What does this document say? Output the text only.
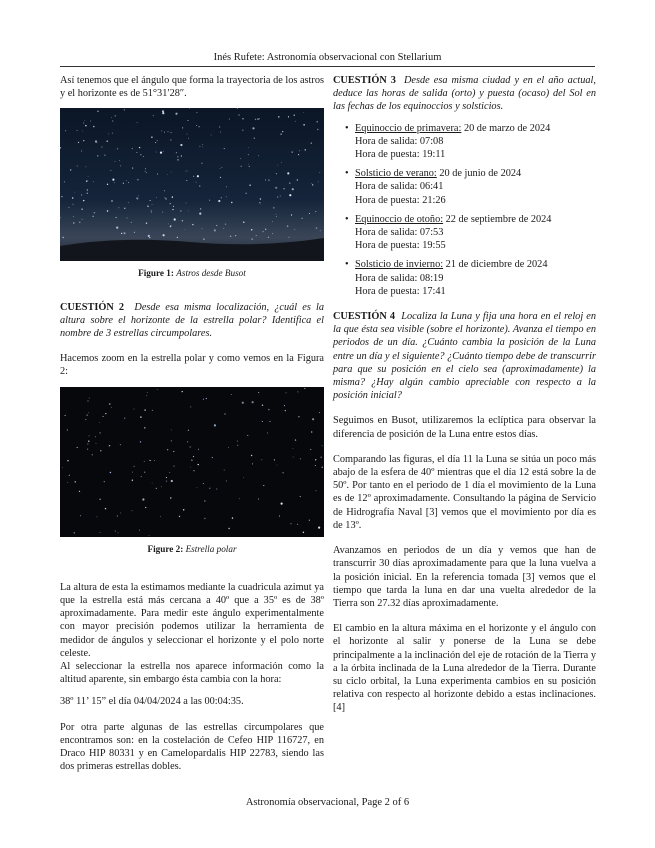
Inés Rufete: Astronomía observacional con Stellarium

Así tenemos que el ángulo que forma la trayectoria de los astros y el horizonte es de 51°31′28″.

Figure 1: Astros desde Busot

CUESTIÓN 2 Desde esa misma localización, ¿cuál es la altura sobre el horizonte de la estrella polar? Identifica el nombre de 3 estrellas circumpolares.

Hacemos zoom en la estrella polar y como vemos en la Figura 2:

Figure 2: Estrella polar

La altura de esta la estimamos mediante la cuadricula azimut ya que la estrella está más cercana a 40º que a 35º es de 38º aproximadamente. Para medir este ángulo experimentalmente con mayor precisión podemos utilizar la herramienta de medidor de ángulos y seleccionar el horizonte y el polo norte celeste.

Al seleccionar la estrella nos aparece información como la altitud aparente, sin embargo ésta cambia con la hora:

38º 11’ 15” el día 04/04/2024 a las 00:04:35.

Por otra parte algunas de las estrellas circumpolares que encontramos son: en la costelación de Cefeo HIP 116727, en Draco HIP 80331 y en Camelopardalis HIP 22783, siendo las dos primeras estrellas dobles.

CUESTIÓN 3 Desde esa misma ciudad y en el año actual, deduce las horas de salida (orto) y puesta (ocaso) del Sol en las fechas de los equinoccios y solsticios.

• Equinoccio de primavera: 20 de marzo de 2024
Hora de salida: 07:08
Hora de puesta: 19:11
• Solsticio de verano: 20 de junio de 2024
Hora de salida: 06:41
Hora de puesta: 21:26
• Equinoccio de otoño: 22 de septiembre de 2024
Hora de salida: 07:53
Hora de puesta: 19:55
• Solsticio de invierno: 21 de diciembre de 2024
Hora de salida: 08:19
Hora de puesta: 17:41

CUESTIÓN 4 Localiza la Luna y fija una hora en el reloj en la que ésta sea visible (sobre el horizonte). Avanza el tiempo en periodos de un día. ¿Cuánto cambia la posición de la Luna entre un día y el siguiente? ¿Cuánto tiempo debe de transcurrir para que su posición en el cielo sea (aproximadamente) la misma? ¿Hay algún cambio apreciable con respecto a la posición inicial?

Seguimos en Busot, utilizaremos la eclíptica para observar la diferencia de posición de la Luna entre estos días.

Comparando las figuras, el día 11 la Luna se sitúa un poco más abajo de la esfera de 40º mientras que el día 12 está sobre la de 50º. Por tanto en el periodo de 1 día el movimiento de la Luna es de 12º aproximadamente. Consultando la página de Servicio de Hidrografía Naval [3] vemos que el movimiento por día es de 13º.

Avanzamos en periodos de un día y vemos que han de transcurrir 30 días aproximadamente para que la luna vuelva a la posición inicial. En la referencia tomada [3] vemos que el tiempo que tarda la luna en dar una vuelta alrededor de la Tierra son 27.32 días aproximadamente.

El cambio en la altura máxima en el horizonte y el ángulo con el horizonte al salir y ponerse de la Luna se debe principalmente a la inclinación del eje de rotación de la Tierra y a la órbita inclinada de la Luna alrededor de la Tierra. Durante su ciclo orbital, la Luna experimenta cambios en su posición relativa con respecto al horizonte debido a estas inclinaciones. [4]

Astronomía observacional, Page 2 of 6
